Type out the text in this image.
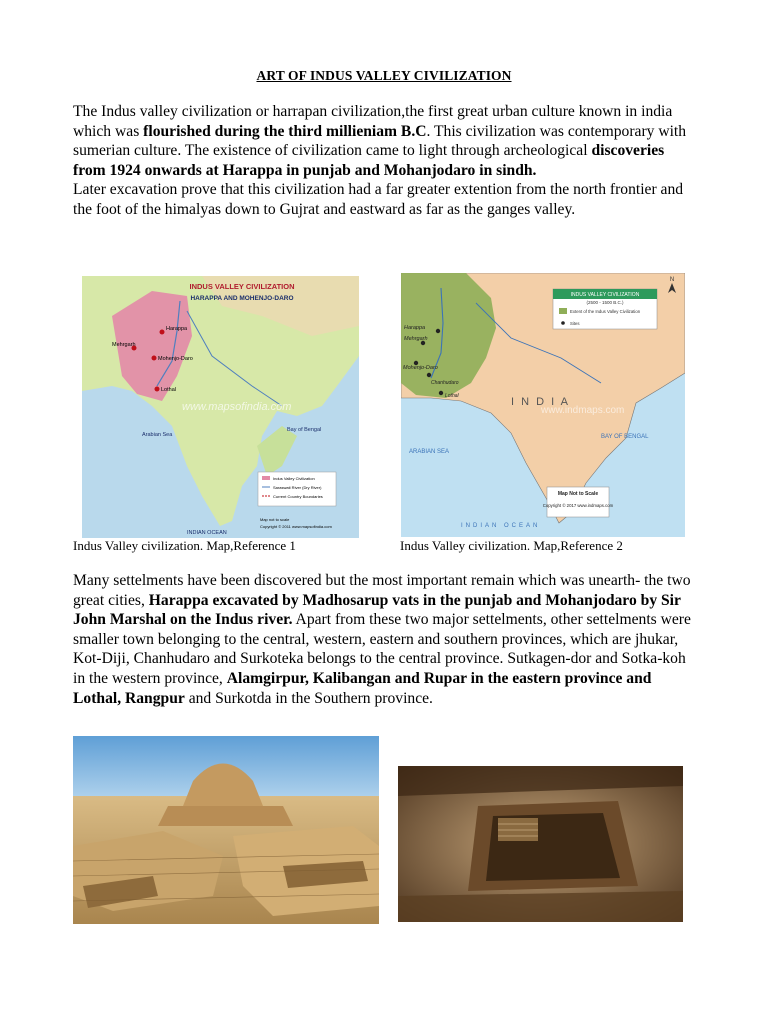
ART OF INDUS VALLEY CIVILIZATION
The Indus valley civilization or harrapan civilization,the first great urban culture known in india which was flourished during the third millieniam B.C. This civilization was contemporary with sumerian culture. The existence of civilization came to light through archeological discoveries from 1924 onwards at Harappa in punjab and Mohanjodaro in sindh.
Later excavation prove that this civilization had a far greater extention from the north frontier and the foot of the himalyas down to Gujrat and eastward as far as the ganges valley.
INDUS VALLEY CIVILIZATION
HARAPPA AND MOHENJO-DARO
Harappa
Mehrgarh
Mohenjo-Daro
Lothal
www.mapsofindia.com
Arabian Sea
Bay of Bengal
INDIAN OCEAN
Indus Valley Civilization
Saraswati River (Dry River)
Current Country Boundaries
Map not to scale
Copyright © 2011 www.mapsofindia.com
Harappa
Mehrgarh
Mohenjo-Daro
Chanhudaro
Lothal	I N D I A
www.indmaps.com
INDUS VALLEY CIVILIZATION
(2500 - 1500 B.C.)
Extent of the Indus Valley Civilization
Sites
N
ARABIAN SEA
BAY OF BENGAL
INDIAN OCEAN
Map Not to Scale
Copyright © 2017 www.indmaps.com
Indus Valley civilization. Map,Reference 1	Indus Valley civilization. Map,Reference 2
Many settelments have been discovered but the most important remain which was unearth- the two great cities, Harappa excavated by Madhosarup vats in the punjab and Mohanjodaro by Sir John Marshal on the Indus river. Apart from these two major settelments, other settelments were smaller town belonging to the central, western, eastern and southern provinces, which are jhukar, Kot-Diji, Chanhudaro and Surkoteka belongs to the central province. Sutkagen-dor and Sotka-koh in the western province, Alamgirpur, Kalibangan and Rupar in the eastern province and Lothal, Rangpur and Surkotda in the Southern province.
